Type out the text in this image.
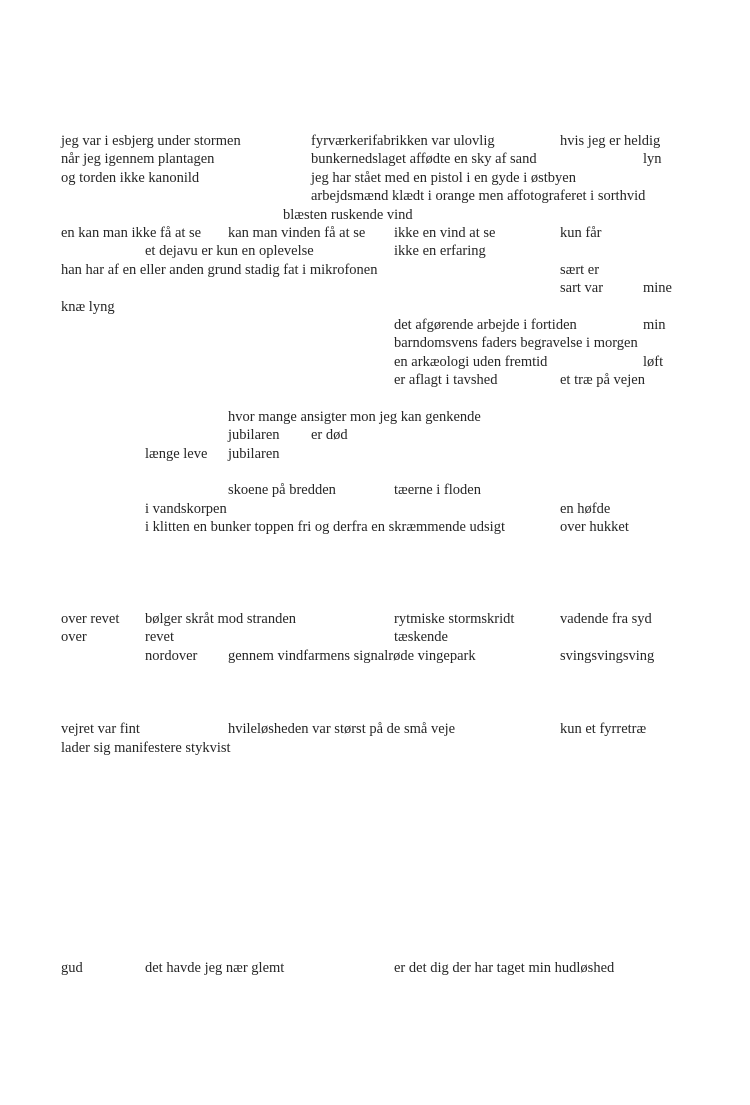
jeg var i esbjerg under stormen	fyrværkerifabrikken var ulovlig	hvis jeg er heldig
når jeg igennem plantagen	bunkernedslaget affødte en sky af sand	lyn
og torden ikke kanonild	jeg har stået med en pistol i en gyde i østbyen
arbejdsmænd klædt i orange men affotograferet i sorthvid
blæsten ruskende vind
en kan man ikke få at se kan man vinden få at se ikke en vind at se	kun får
et dejavu er kun en oplevelse	ikke en erfaring
han har af en eller anden grund stadig fat i mikrofonen	sært er
sart var	mine
knæ lyng
det afgørende arbejde i fortiden	min
barndomsvens faders begravelse i morgen
en arkæologi uden fremtid	løft
er aflagt i tavshed	et træ på vejen
hvor mange ansigter mon jeg kan genkende
jubilaren er død
længe leve jubilaren
skoene på bredden	tæerne i floden
i vandskorpen	en høfde
i klitten en bunker toppen fri og derfra en skræmmende udsigt	over hukket
over revet bølger skråt mod stranden	rytmiske stormskridt	vadende fra syd
over	revet	tæskende
nordover gennem vindfarmens signalrøde vingepark	svingsvingsving
vejret var fint	hvileløsheden var størst på de små veje	kun et fyrretræ
lader sig manifestere stykvist
gud	det havde jeg nær glemt	er det dig der har taget min hudløshed
